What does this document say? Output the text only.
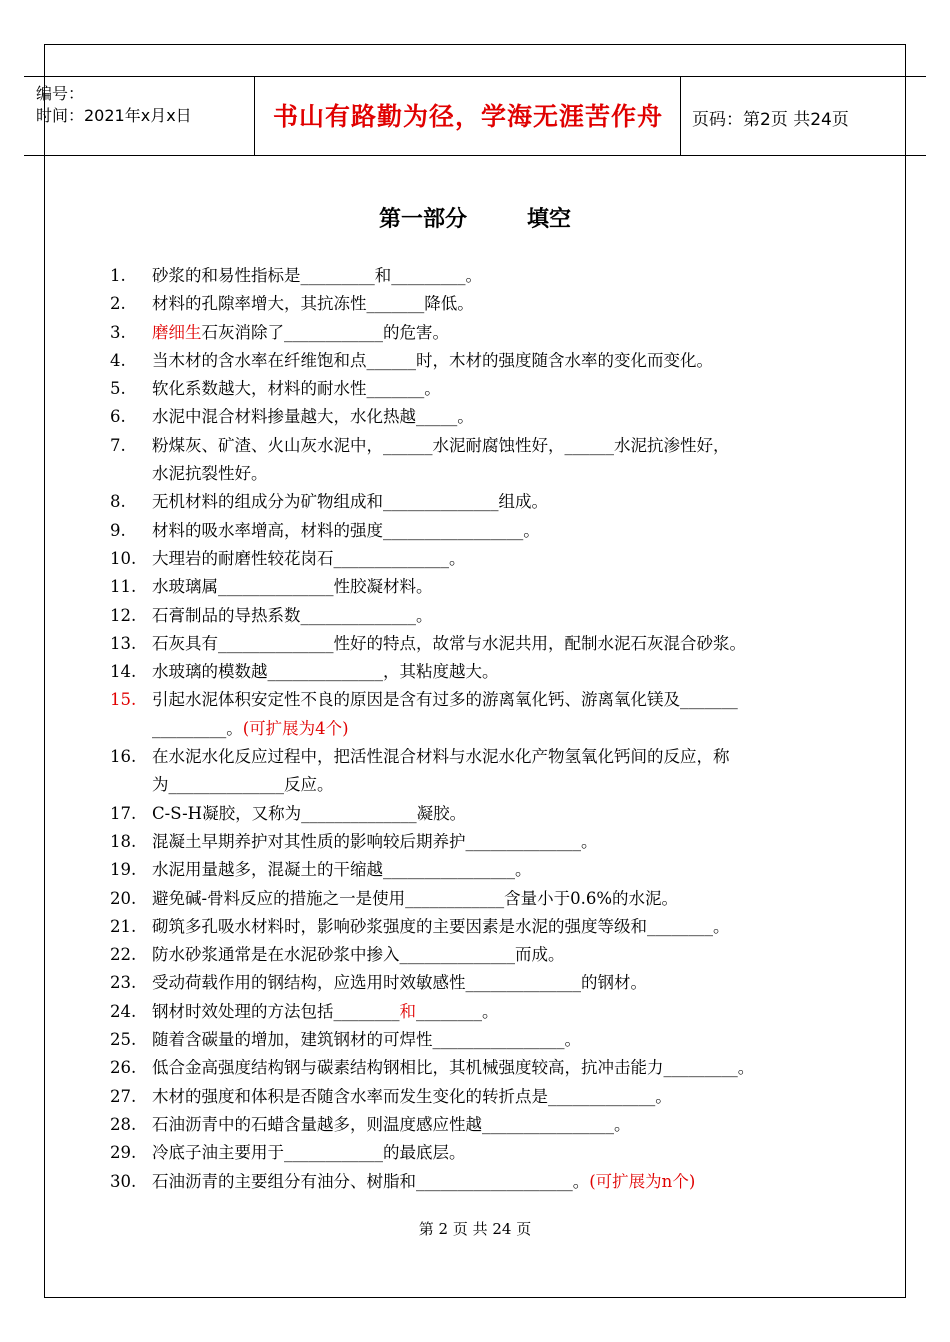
编号：
时间：2021年x月x日	书山有路勤为径，学海无涯苦作舟	页码：第2页 共24页
第一部分	填空
1.	砂浆的和易性指标是_________和_________。
2.	材料的孔隙率增大，其抗冻性_______降低。
3.	磨细生石灰消除了____________的危害。
4.	当木材的含水率在纤维饱和点______时，木材的强度随含水率的变化而变化。
5.	软化系数越大，材料的耐水性_______。
6.	水泥中混合材料掺量越大，水化热越_____。
7.	粉煤灰、矿渣、火山灰水泥中，______水泥耐腐蚀性好，______水泥抗渗性好，
水泥抗裂性好。
8.	无机材料的组成分为矿物组成和______________组成。
9.	材料的吸水率增高，材料的强度_________________。
10. 大理岩的耐磨性较花岗石______________。
11. 水玻璃属______________性胶凝材料。
12. 石膏制品的导热系数______________。
13. 石灰具有______________性好的特点，故常与水泥共用，配制水泥石灰混合砂浆。
14. 水玻璃的模数越______________，其粘度越大。
15. 引起水泥体积安定性不良的原因是含有过多的游离氧化钙、游离氧化镁及_______
_________。(可扩展为4个)
16. 在水泥水化反应过程中，把活性混合材料与水泥水化产物氢氧化钙间的反应，称
为______________反应。
17. C-S-H凝胶，又称为______________凝胶。
18. 混凝土早期养护对其性质的影响较后期养护______________。
19. 水泥用量越多，混凝土的干缩越________________。
20. 避免碱-骨料反应的措施之一是使用____________含量小于0.6%的水泥。
21. 砌筑多孔吸水材料时，影响砂浆强度的主要因素是水泥的强度等级和________。
22. 防水砂浆通常是在水泥砂浆中掺入______________而成。
23. 受动荷载作用的钢结构，应选用时效敏感性______________的钢材。
24. 钢材时效处理的方法包括________和________。
25. 随着含碳量的增加，建筑钢材的可焊性________________。
26. 低合金高强度结构钢与碳素结构钢相比，其机械强度较高，抗冲击能力_________。
27. 木材的强度和体积是否随含水率而发生变化的转折点是_____________。
28. 石油沥青中的石蜡含量越多，则温度感应性越________________。
29. 冷底子油主要用于____________的最底层。
30. 石油沥青的主要组分有油分、树脂和___________________。(可扩展为n个)
第 2 页 共 24 页
